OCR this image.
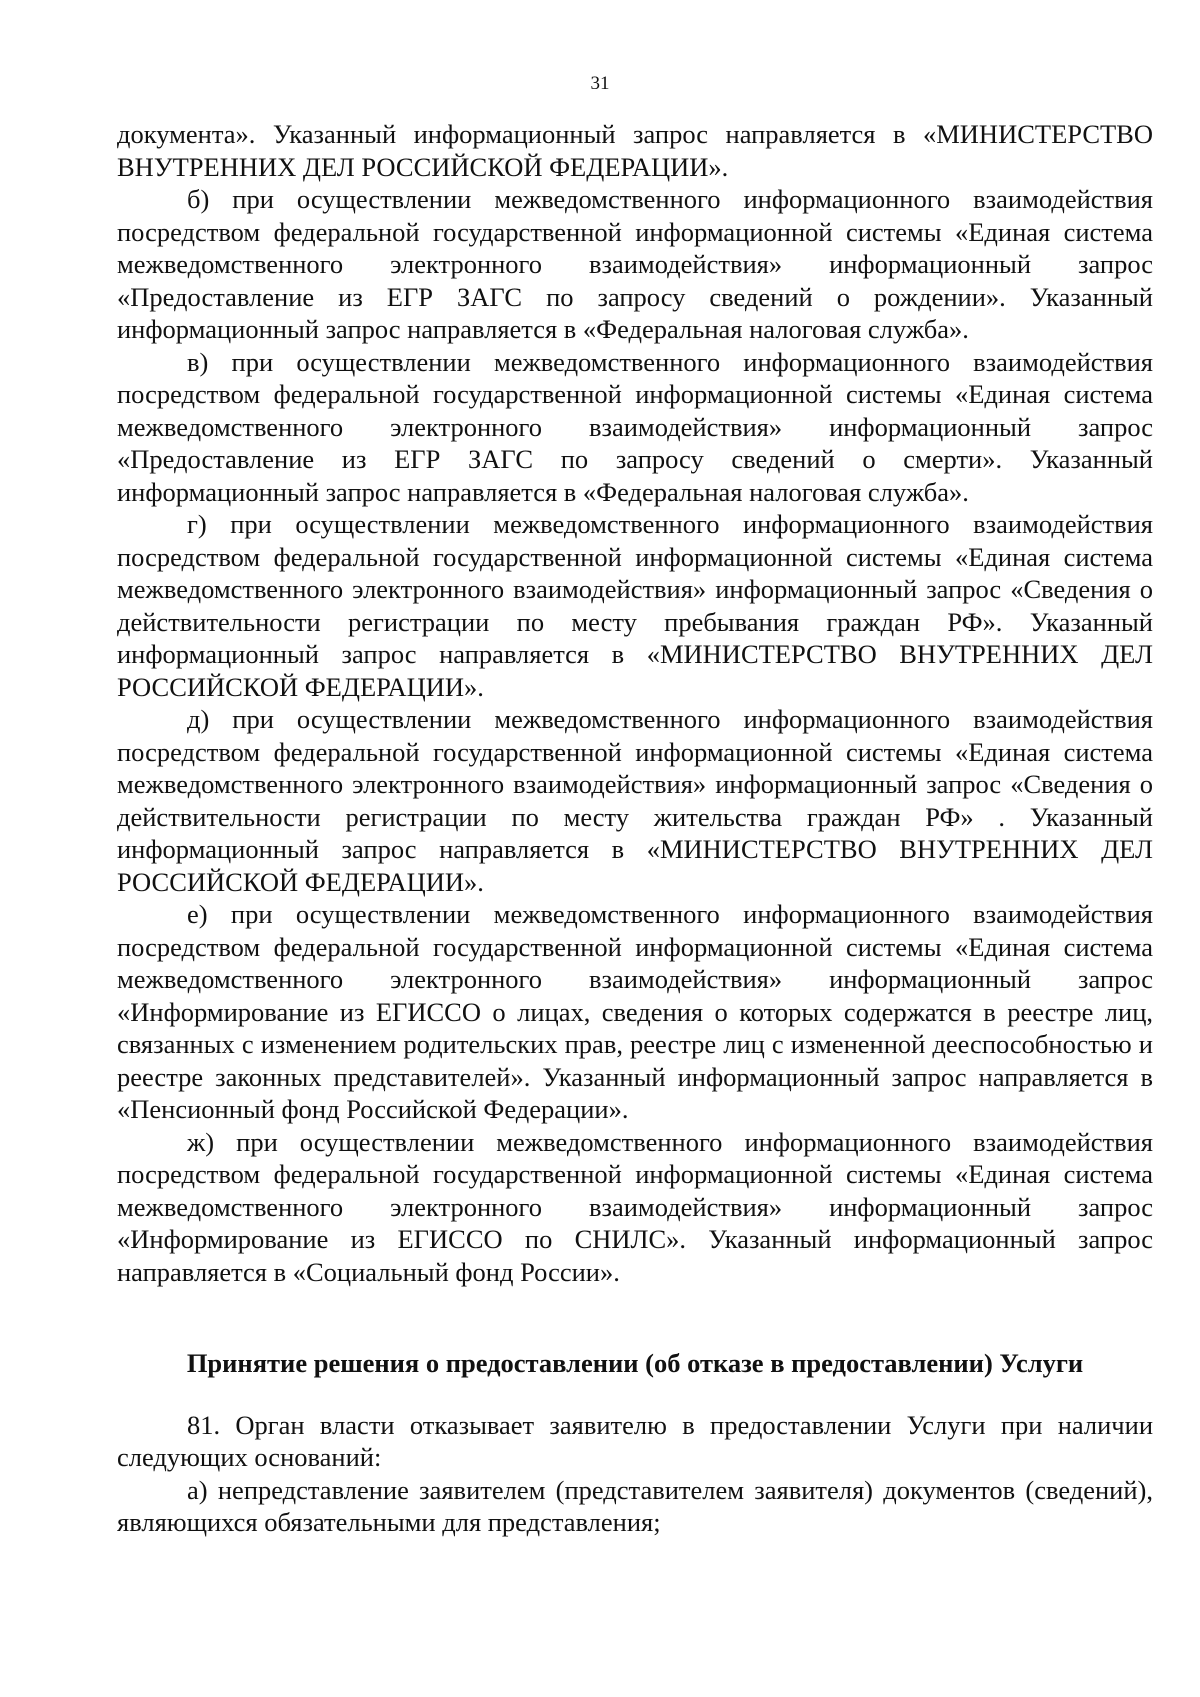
31

документа». Указанный информационный запрос направляется в «МИНИСТЕРСТВО ВНУТРЕННИХ ДЕЛ РОССИЙСКОЙ ФЕДЕРАЦИИ».

б) при осуществлении межведомственного информационного взаимодействия посредством федеральной государственной информационной системы «Единая система межведомственного электронного взаимодействия» информационный запрос «Предоставление из ЕГР ЗАГС по запросу сведений о рождении». Указанный информационный запрос направляется в «Федеральная налоговая служба».

в) при осуществлении межведомственного информационного взаимодействия посредством федеральной государственной информационной системы «Единая система межведомственного электронного взаимодействия» информационный запрос «Предоставление из ЕГР ЗАГС по запросу сведений о смерти». Указанный информационный запрос направляется в «Федеральная налоговая служба».

г) при осуществлении межведомственного информационного взаимодействия посредством федеральной государственной информационной системы «Единая система межведомственного электронного взаимодействия» информационный запрос «Сведения о действительности регистрации по месту пребывания граждан РФ». Указанный информационный запрос направляется в «МИНИСТЕРСТВО ВНУТРЕННИХ ДЕЛ РОССИЙСКОЙ ФЕДЕРАЦИИ».

д) при осуществлении межведомственного информационного взаимодействия посредством федеральной государственной информационной системы «Единая система межведомственного электронного взаимодействия» информационный запрос «Сведения о действительности регистрации по месту жительства граждан РФ» . Указанный информационный запрос направляется в «МИНИСТЕРСТВО ВНУТРЕННИХ ДЕЛ РОССИЙСКОЙ ФЕДЕРАЦИИ».

е) при осуществлении межведомственного информационного взаимодействия посредством федеральной государственной информационной системы «Единая система межведомственного электронного взаимодействия» информационный запрос «Информирование из ЕГИССО о лицах, сведения о которых содержатся в реестре лиц, связанных с изменением родительских прав, реестре лиц с измененной дееспособностью и реестре законных представителей». Указанный информационный запрос направляется в «Пенсионный фонд Российской Федерации».

ж) при осуществлении межведомственного информационного взаимодействия посредством федеральной государственной информационной системы «Единая система межведомственного электронного взаимодействия» информационный запрос «Информирование из ЕГИССО по СНИЛС». Указанный информационный запрос направляется в «Социальный фонд России».

Принятие решения о предоставлении (об отказе в предоставлении) Услуги

81. Орган власти отказывает заявителю в предоставлении Услуги при наличии следующих оснований:

а) непредставление заявителем (представителем заявителя) документов (сведений), являющихся обязательными для представления;
